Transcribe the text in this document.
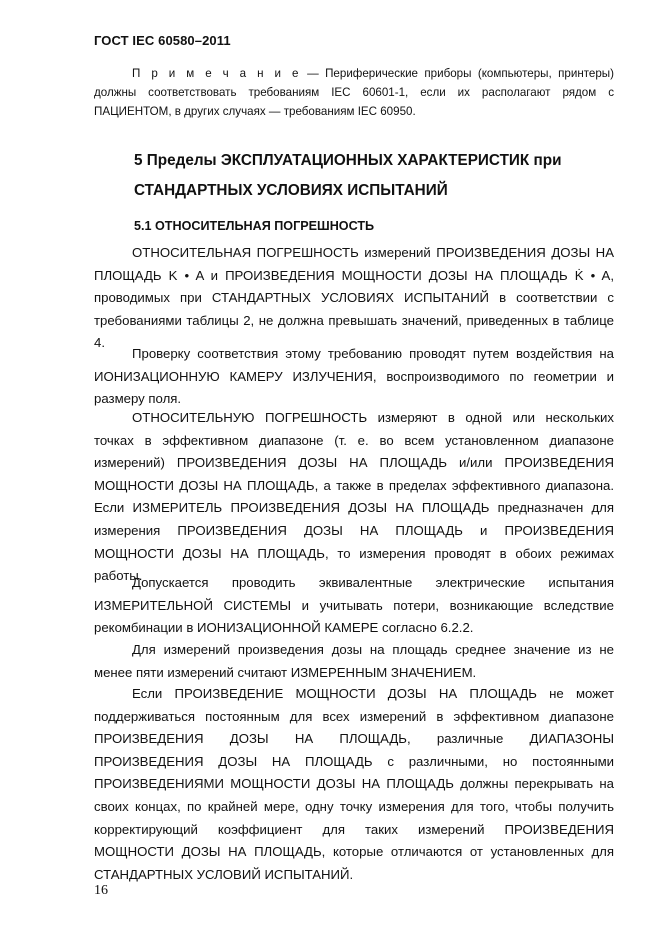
ГОСТ IEC 60580–2011

П р и м е ч а н и е — Периферические приборы (компьютеры, принтеры) должны соответствовать требованиям IEC 60601-1, если их располагают рядом с ПАЦИЕНТОМ, в других случаях — требованиям IEC 60950.

5 Пределы ЭКСПЛУАТАЦИОННЫХ ХАРАКТЕРИСТИК при СТАНДАРТНЫХ УСЛОВИЯХ ИСПЫТАНИЙ
5.1 ОТНОСИТЕЛЬНАЯ ПОГРЕШНОСТЬ

ОТНОСИТЕЛЬНАЯ ПОГРЕШНОСТЬ измерений ПРОИЗВЕДЕНИЯ ДОЗЫ НА ПЛОЩАДЬ K • A и ПРОИЗВЕДЕНИЯ МОЩНОСТИ ДОЗЫ НА ПЛОЩАДЬ K̇ • A, проводимых при СТАНДАРТНЫХ УСЛОВИЯХ ИСПЫТАНИЙ в соответствии с требованиями таблицы 2, не должна превышать значений, приведенных в таблице 4.

Проверку соответствия этому требованию проводят путем воздействия на ИОНИЗАЦИОННУЮ КАМЕРУ ИЗЛУЧЕНИЯ, воспроизводимого по геометрии и размеру поля.

ОТНОСИТЕЛЬНУЮ ПОГРЕШНОСТЬ измеряют в одной или нескольких точках в эффективном диапазоне (т. е. во всем установленном диапазоне измерений) ПРОИЗВЕДЕНИЯ ДОЗЫ НА ПЛОЩАДЬ и/или ПРОИЗВЕДЕНИЯ МОЩНОСТИ ДОЗЫ НА ПЛОЩАДЬ, а также в пределах эффективного диапазона. Если ИЗМЕРИТЕЛЬ ПРОИЗВЕДЕНИЯ ДОЗЫ НА ПЛОЩАДЬ предназначен для измерения ПРОИЗВЕДЕНИЯ ДОЗЫ НА ПЛОЩАДЬ и ПРОИЗВЕДЕНИЯ МОЩНОСТИ ДОЗЫ НА ПЛОЩАДЬ, то измерения проводят в обоих режимах работы.

Допускается проводить эквивалентные электрические испытания ИЗМЕРИТЕЛЬНОЙ СИСТЕМЫ и учитывать потери, возникающие вследствие рекомбинации в ИОНИЗАЦИОННОЙ КАМЕРЕ согласно 6.2.2.

Для измерений произведения дозы на площадь среднее значение из не менее пяти измерений считают ИЗМЕРЕННЫМ ЗНАЧЕНИЕМ.

Если ПРОИЗВЕДЕНИЕ МОЩНОСТИ ДОЗЫ НА ПЛОЩАДЬ не может поддерживаться постоянным для всех измерений в эффективном диапазоне ПРОИЗВЕДЕНИЯ ДОЗЫ НА ПЛОЩАДЬ, различные ДИАПАЗОНЫ ПРОИЗВЕДЕНИЯ ДОЗЫ НА ПЛОЩАДЬ с различными, но постоянными ПРОИЗВЕДЕНИЯМИ МОЩНОСТИ ДОЗЫ НА ПЛОЩАДЬ должны перекрывать на своих концах, по крайней мере, одну точку измерения для того, чтобы получить корректирующий коэффициент для таких измерений ПРОИЗВЕДЕНИЯ МОЩНОСТИ ДОЗЫ НА ПЛОЩАДЬ, которые отличаются от установленных для СТАНДАРТНЫХ УСЛОВИЙ ИСПЫТАНИЙ.

16
